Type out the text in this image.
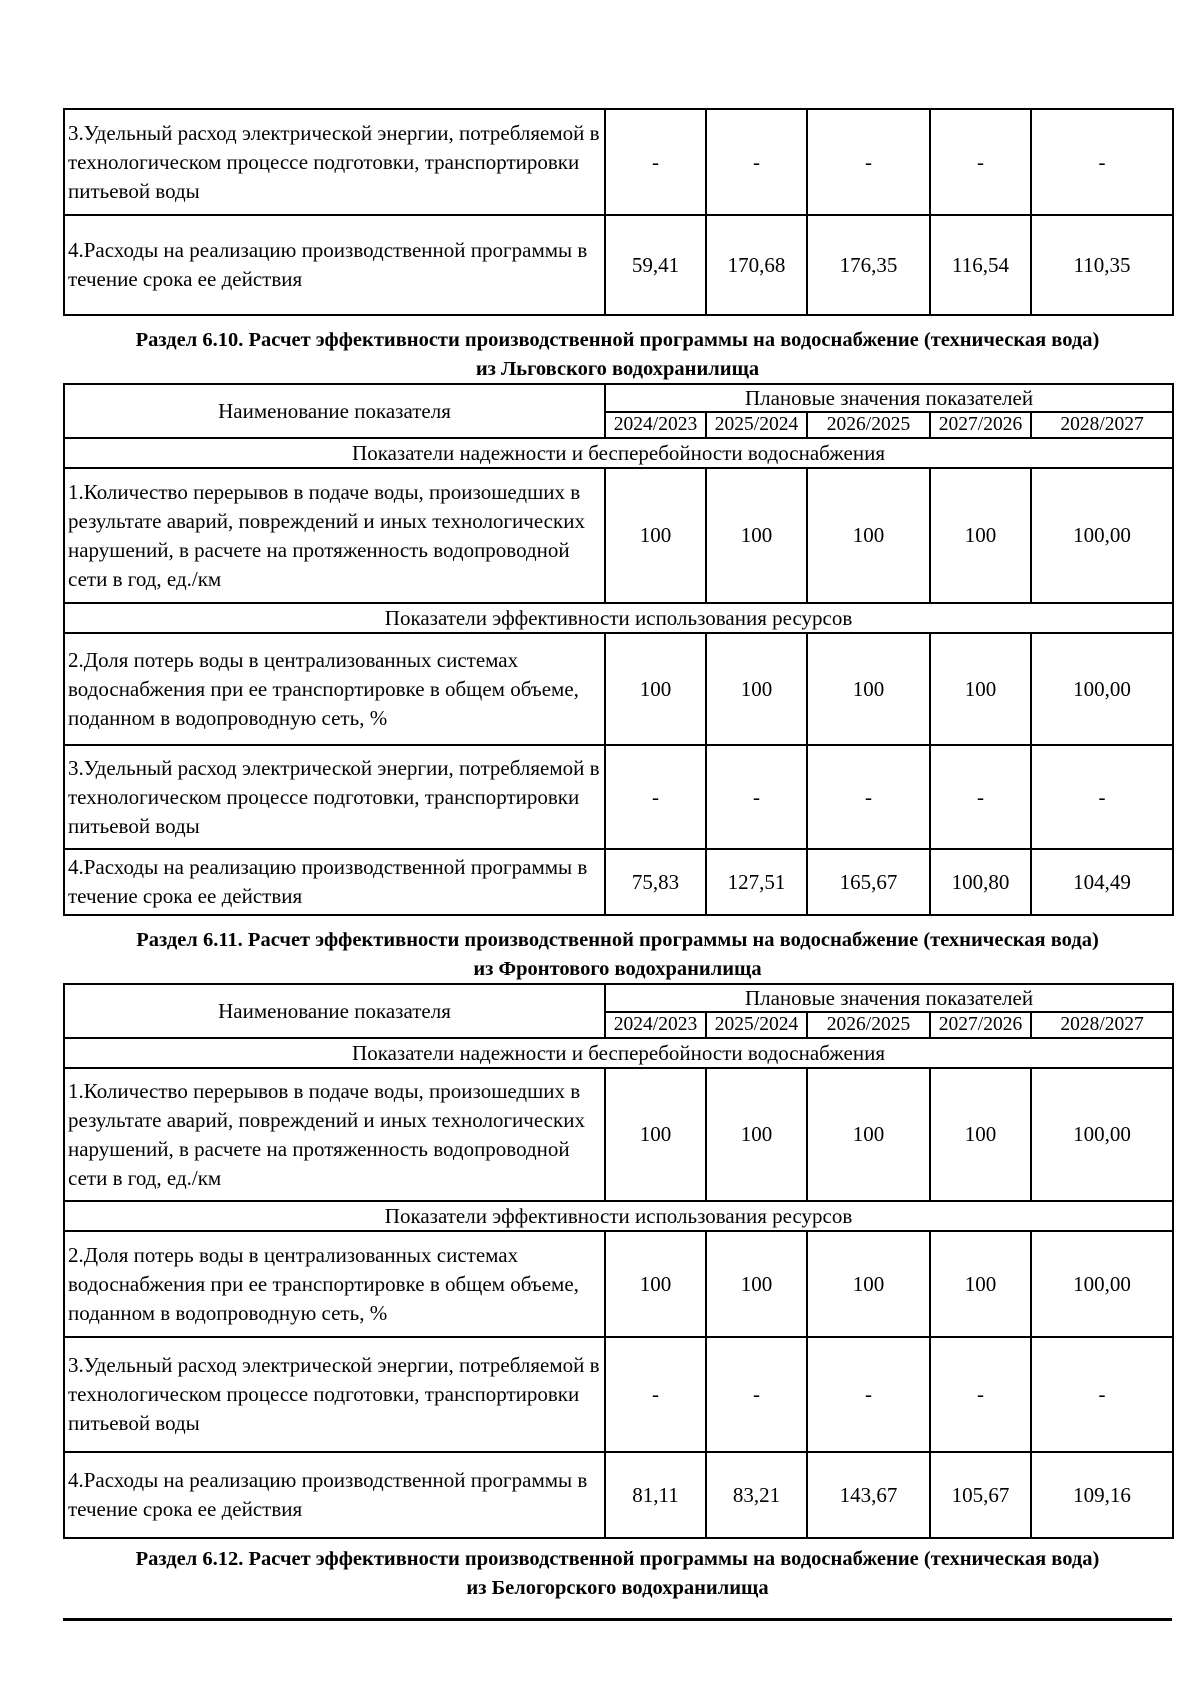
3.Удельный расход электрической энергии, потребляемой в технологическом процессе подготовки, транспортировки питьевой воды	-	-	-	-	-
4.Расходы на реализацию производственной программы в течение срока ее действия	59,41	170,68	176,35	116,54	110,35
Раздел 6.10. Расчет эффективности производственной программы на водоснабжение (техническая вода)
из Льговского водохранилища
Наименование показателя	Плановые значения показателей				
	2024/2023	2025/2024	2026/2025	2027/2026	2028/2027
Показатели надежности и бесперебойности водоснабжения					
1.Количество перерывов в подаче воды, произошедших в результате аварий, повреждений и иных технологических нарушений, в расчете на протяженность водопроводной сети в год, ед./км	100	100	100	100	100,00
Показатели эффективности использования ресурсов					
2.Доля потерь воды в централизованных системах водоснабжения при ее транспортировке в общем объеме, поданном в водопроводную сеть, %	100	100	100	100	100,00
3.Удельный расход электрической энергии, потребляемой в технологическом процессе подготовки, транспортировки питьевой воды	-	-	-	-	-
4.Расходы на реализацию производственной программы в течение срока ее действия	75,83	127,51	165,67	100,80	104,49
Раздел 6.11. Расчет эффективности производственной программы на водоснабжение (техническая вода)
из Фронтового водохранилища
Наименование показателя	Плановые значения показателей				
	2024/2023	2025/2024	2026/2025	2027/2026	2028/2027
Показатели надежности и бесперебойности водоснабжения					
1.Количество перерывов в подаче воды, произошедших в результате аварий, повреждений и иных технологических нарушений, в расчете на протяженность водопроводной сети в год, ед./км	100	100	100	100	100,00
Показатели эффективности использования ресурсов					
2.Доля потерь воды в централизованных системах водоснабжения при ее транспортировке в общем объеме, поданном в водопроводную сеть, %	100	100	100	100	100,00
3.Удельный расход электрической энергии, потребляемой в технологическом процессе подготовки, транспортировки питьевой воды	-	-	-	-	-
4.Расходы на реализацию производственной программы в течение срока ее действия	81,11	83,21	143,67	105,67	109,16
Раздел 6.12. Расчет эффективности производственной программы на водоснабжение (техническая вода)
из Белогорского водохранилища
